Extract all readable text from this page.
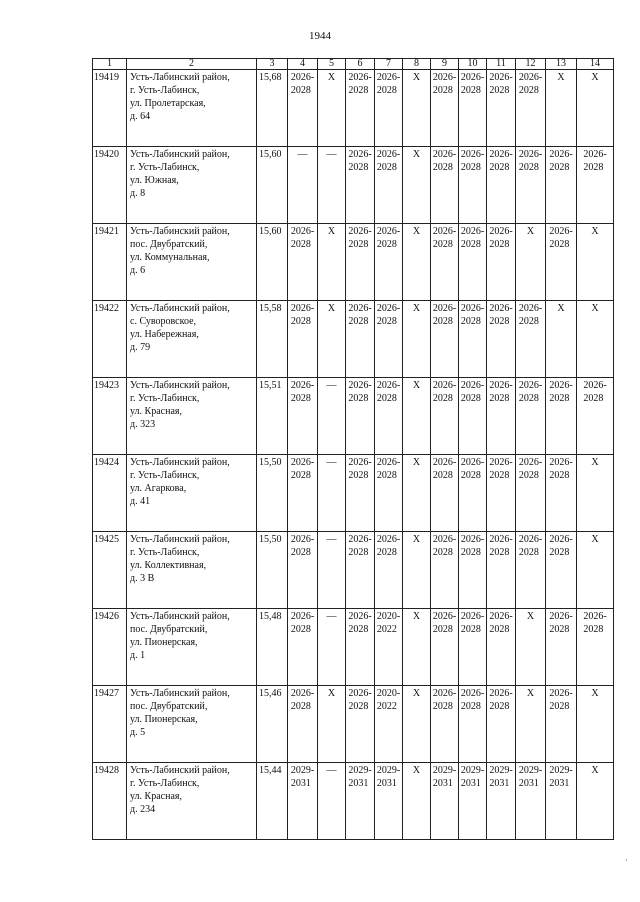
1944
1	2	3	4	5	6	7	8	9	10	11	12	13	14
19419	Усть-Лабинский район,
г. Усть-Лабинск,
ул. Пролетарская,
д. 64	15,68	2026-
2028	X	2026-
2028	2026-
2028	X	2026-
2028	2026-
2028	2026-
2028	2026-
2028	X	X
19420	Усть-Лабинский район,
г. Усть-Лабинск,
ул. Южная,
д. 8	15,60	—	—	2026-
2028	2026-
2028	X	2026-
2028	2026-
2028	2026-
2028	2026-
2028	2026-
2028	2026-
2028
19421	Усть-Лабинский район,
пос. Двубратский,
ул. Коммунальная,
д. 6	15,60	2026-
2028	X	2026-
2028	2026-
2028	X	2026-
2028	2026-
2028	2026-
2028	X	2026-
2028	X
19422	Усть-Лабинский район,
с. Суворовское,
ул. Набережная,
д. 79	15,58	2026-
2028	X	2026-
2028	2026-
2028	X	2026-
2028	2026-
2028	2026-
2028	2026-
2028	X	X
19423	Усть-Лабинский район,
г. Усть-Лабинск,
ул. Красная,
д. 323	15,51	2026-
2028	—	2026-
2028	2026-
2028	X	2026-
2028	2026-
2028	2026-
2028	2026-
2028	2026-
2028	2026-
2028
19424	Усть-Лабинский район,
г. Усть-Лабинск,
ул. Агаркова,
д. 41	15,50	2026-
2028	—	2026-
2028	2026-
2028	X	2026-
2028	2026-
2028	2026-
2028	2026-
2028	2026-
2028	X
19425	Усть-Лабинский район,
г. Усть-Лабинск,
ул. Коллективная,
д. 3 В	15,50	2026-
2028	—	2026-
2028	2026-
2028	X	2026-
2028	2026-
2028	2026-
2028	2026-
2028	2026-
2028	X
19426	Усть-Лабинский район,
пос. Двубратский,
ул. Пионерская,
д. 1	15,48	2026-
2028	—	2026-
2028	2020-
2022	X	2026-
2028	2026-
2028	2026-
2028	X	2026-
2028	2026-
2028
19427	Усть-Лабинский район,
пос. Двубратский,
ул. Пионерская,
д. 5	15,46	2026-
2028	X	2026-
2028	2020-
2022	X	2026-
2028	2026-
2028	2026-
2028	X	2026-
2028	X
19428	Усть-Лабинский район,
г. Усть-Лабинск,
ул. Красная,
д. 234	15,44	2029-
2031	—	2029-
2031	2029-
2031	X	2029-
2031	2029-
2031	2029-
2031	2029-
2031	2029-
2031	X
·
